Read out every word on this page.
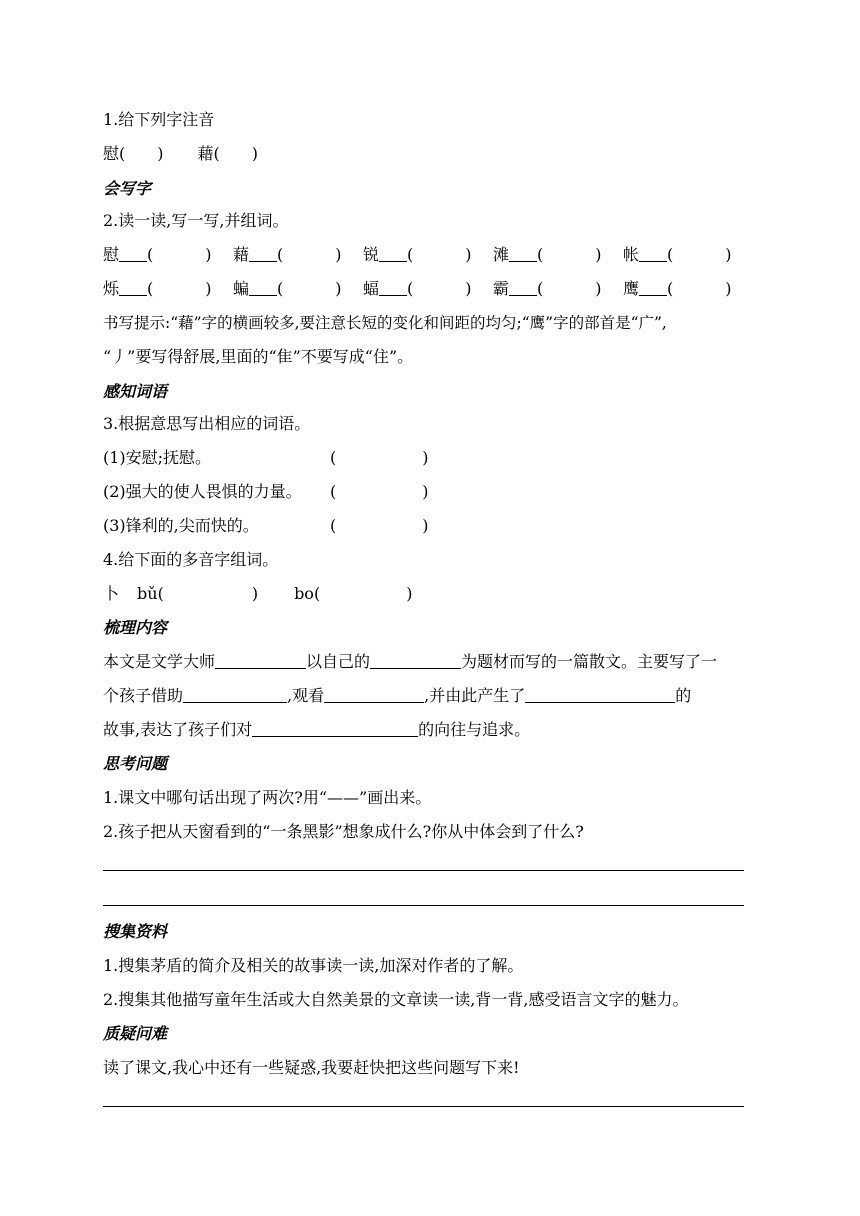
1.给下列字注音
慰(　　) 藉(　　)
会写字
2.读一读,写一写,并组词。
慰 (	) 藉 (	) 锐 (	) 滩 (	) 帐 (	)
烁 (	) 蝙 (	) 蝠 (	) 霸 (	) 鹰 (	)
书写提示:“藉”字的横画较多,要注意长短的变化和间距的均匀;“鹰”字的部首是“广”,
“丿”要写得舒展,里面的“隹”不要写成“住”。
感知词语
3.根据意思写出相应的词语。
(1)安慰;抚慰。	(	)
(2)强大的使人畏惧的力量。 (	)
(3)锋利的,尖而快的。	(	)
4.给下面的多音字组词。
卜 bǔ(	) bo(	)
梳理内容
本文是文学大师	以自己的	为题材而写的一篇散文。主要写了一
个孩子借助	,观看	,并由此产生了	的
故事,表达了孩子们对	的向往与追求。
思考问题
1.课文中哪句话出现了两次?用“——”画出来。
2.孩子把从天窗看到的“一条黑影”想象成什么?你从中体会到了什么?
搜集资料
1.搜集茅盾的简介及相关的故事读一读,加深对作者的了解。
2.搜集其他描写童年生活或大自然美景的文章读一读,背一背,感受语言文字的魅力。
质疑问难
读了课文,我心中还有一些疑惑,我要赶快把这些问题写下来!
